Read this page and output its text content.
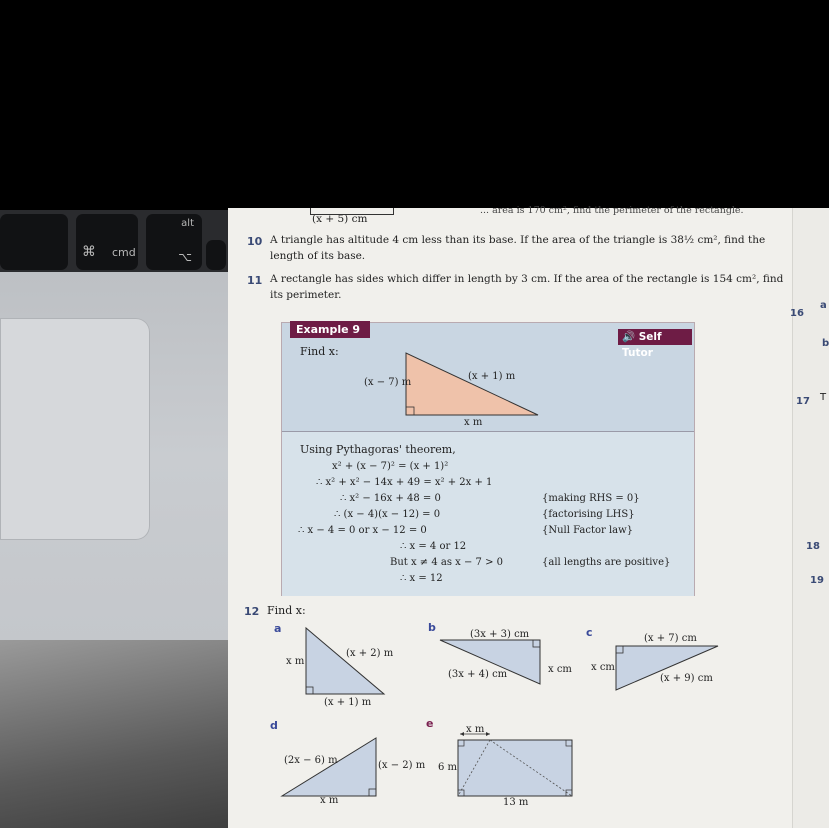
alt
⌥
⌘ cmd
(x + 5) cm
... area is 170 cm², find the perimeter of the rectangle.
10 A triangle has altitude 4 cm less than its base. If the area of the triangle is 38½ cm², find the
length of its base.
11 A rectangle has sides which differ in length by 3 cm. If the area of the rectangle is 154 cm², find
its perimeter.
Example 9
🔊 Self Tutor
Find x:
(x − 7) m
(x + 1) m
x m
Using Pythagoras' theorem,
x² + (x − 7)² = (x + 1)²
∴ x² + x² − 14x + 49 = x² + 2x + 1
∴ x² − 16x + 48 = 0
∴ (x − 4)(x − 12) = 0
∴ x − 4 = 0 or x − 12 = 0
∴ x = 4 or 12
But x ≠ 4 as x − 7 > 0
∴ x = 12
{making RHS = 0}
{factorising LHS}
{Null Factor law}
{all lengths are positive}
12 Find x:
a
x m
(x + 2) m
(x + 1) m
b
(3x + 3) cm
(3x + 4) cm	x cm
c
x cm
(x + 7) cm
(x + 9) cm
d
(2x − 6) m	(x − 2) m
x m
e	x m
6 m
13 m
16
a
b
17 T
18
19
